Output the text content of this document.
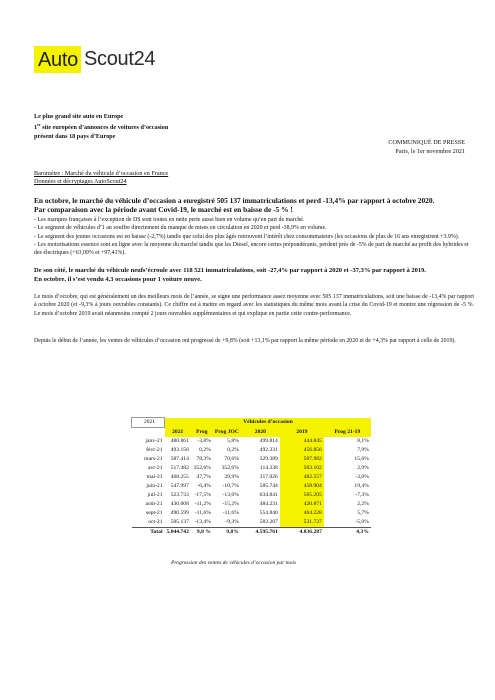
Auto Scout24
Le plus grand site auto en Europe
1er site européen d’annonces de voitures d’occasion
présent dans 18 pays d’Europe
COMMUNIQUÉ DE PRESSE
Paris, le 1er novembre 2021
Baromètre : Marché du véhicule d’occasion en France
Données et décryptages AutoScout24
En octobre, le marché du véhicule d’occasion a enregistré 505 137 immatriculations et perd -13,4% par rapport à octobre 2020.
Par comparaison avec la période avant Covid-19, le marché est en baisse de -5 % !
- Les marques françaises à l’exception de DS sont toutes en nette perte aussi bien en volume qu’en part de marché.
- Le segment de véhicules d’1 an souffre directement du manque de mises en circulation en 2020 et perd -38,9% en volume.
- Le segment des jeunes occasions est en baisse (-2,7%) tandis que celui des plus âgés retrouvent l’intérêt chez consommateurs (les occasions de plus de 16 ans enregistrent +3.9%).
- Les motorisations essence sont en ligne avec la moyenne du marché tandis que les Diesel, encore certes prépondérants, perdent près de -5% de part de marché au profit des hybrides et des électriques (+63,09% et +97,41%).
De son côté, le marché du véhicule neufs’écroule avec 118 521 immatriculations, soit -27,4% par rapport à 2020 et -37,3% par rapport à 2019.
En octobre, il s’est vendu 4,3 occasions pour 1 voiture neuve.
Le mois d’octobre, qui est généralement un des meilleurs mois de l’année, se signe une performance assez moyenne avec 505 137 immatriculations, soit une baisse de -13,4% par rapport à octobre 2020 (et -9,3% à jours ouvrables constants). Ce chiffre est à mettre en regard avec les statistiques du même mois avant la crise du Covid-19 et montre une régression de -5 %. Le mois d’octobre 2019 avait néanmoins compté 2 jours ouvrables supplémentaires et qui explique en partie cette contre-performance.
Depuis le début de l’année, les ventes de véhicules d’occasion ont progressé de +9,8% (soit +13,1% par rapport la même période en 2020 et de +4,3% par rapport à celle de 2019).
2021	Véhicules d’occasion					
	2021	Prog	Prog JOC	2020	2019	Prog 21-19
janv-21	480.861	-3,8%	5,8%	499.814	444.845	8,1%
févr-21	493.156	0,2%	0,2%	492.331	456.856	7,9%
mars-21	587.414	78,3%	70,6%	329.389	507.982	15,6%
avr-21	517.482	352,6%	352,6%	114.338	503.102	2,9%
mai-21	468.255	47,7%	39,9%	317.026	482.557	-3,0%
juin-21	547.997	-6,4%	-10,7%	585.744	458.904	19,4%
juil-21	523.733	-17,5%	-13,6%	634.841	565.205	-7,3%
août-21	430.008	-11,2%	-15,2%	484.231	420.871	2,2%
sept-21	490.599	-11,6%	-11,6%	554.840	464.228	5,7%
oct-21	505.137	-13,4%	-9,3%	583.207	531.737	-5,0%
Total	5.044.742	9,8 %	9,8%	4.595.761	4.836.287	4,3%
Progression des ventes de véhicules d’occasion par mois
